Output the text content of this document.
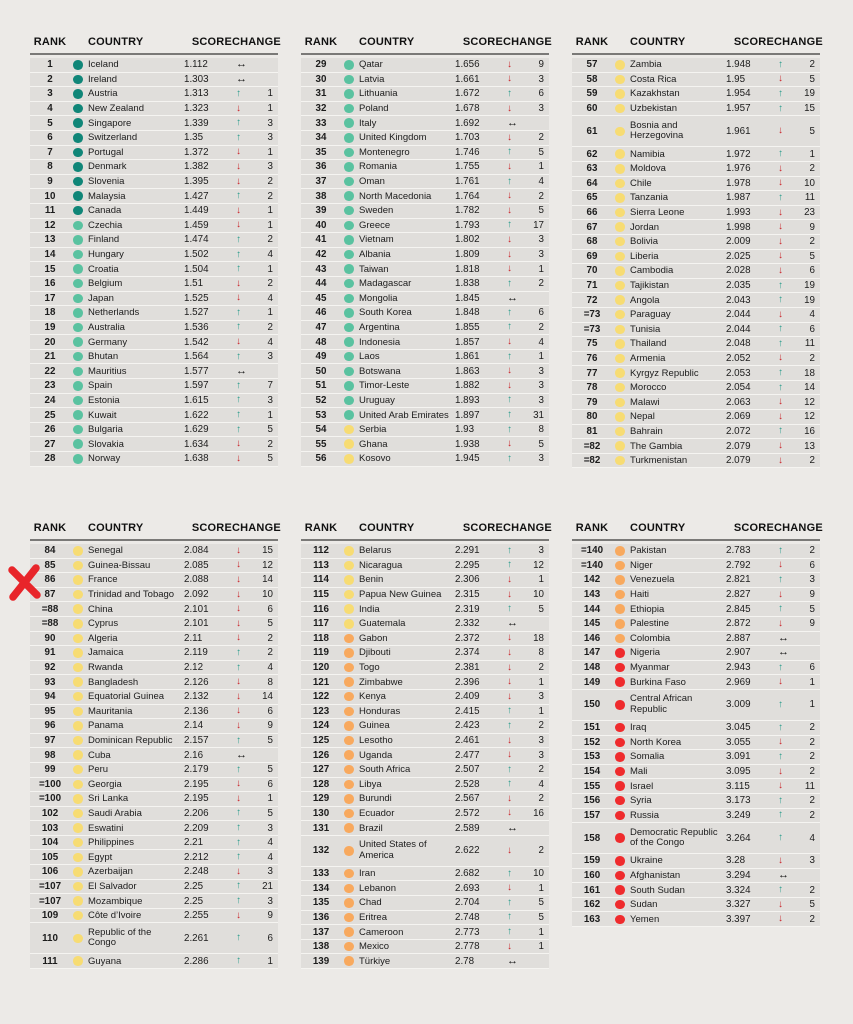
RANK	COUNTRY	SCORE CHANGE
1	Iceland	1.112	↔
2	Ireland	1.303	↔
3	Austria	1.313	↑	1
4	New Zealand	1.323	↓	1
5	Singapore	1.339	↑	3
6	Switzerland	1.35	↑	3
7	Portugal	1.372	↓	1
8	Denmark	1.382	↓	3
9	Slovenia	1.395	↓	2
10	Malaysia	1.427	↑	2
11	Canada	1.449	↓	1
12	Czechia	1.459	↓	1
13	Finland	1.474	↑	2
14	Hungary	1.502	↑	4
15	Croatia	1.504	↑	1
16	Belgium	1.51	↓	2
17	Japan	1.525	↓	4
18	Netherlands	1.527	↑	1
19	Australia	1.536	↑	2
20	Germany	1.542	↓	4
21	Bhutan	1.564	↑	3
22	Mauritius	1.577	↔
23	Spain	1.597	↑	7
24	Estonia	1.615	↑	3
25	Kuwait	1.622	↑	1
26	Bulgaria	1.629	↑	5
27	Slovakia	1.634	↓	2
28	Norway	1.638	↓	5
RANK	COUNTRY	SCORE CHANGE
29	Qatar	1.656	↓	9
30	Latvia	1.661	↓	3
31	Lithuania	1.672	↑	6
32	Poland	1.678	↓	3
33	Italy	1.692	↔
34	United Kingdom	1.703	↓	2
35	Montenegro	1.746	↑	5
36	Romania	1.755	↓	1
37	Oman	1.761	↑	4
38	North Macedonia	1.764	↓	2
39	Sweden	1.782	↓	5
40	Greece	1.793	↑ 17
41	Vietnam	1.802	↓	3
42	Albania	1.809	↓	3
43	Taiwan	1.818	↓	1
44	Madagascar	1.838	↑	2
45	Mongolia	1.845	↔
46	South Korea	1.848	↑	6
47	Argentina	1.855	↑	2
48	Indonesia	1.857	↓	4
49	Laos	1.861	↑	1
50	Botswana	1.863	↓	3
51	Timor-Leste	1.882	↓	3
52	Uruguay	1.893	↑	3
53	United Arab Emirates 1.897	↑ 31
54	Serbia	1.93	↑	8
55	Ghana	1.938	↓	5
56	Kosovo	1.945	↑	3
RANK	COUNTRY	SCORE CHANGE
57	Zambia	1.948	↑	2
58	Costa Rica	1.95	↓	5
59	Kazakhstan	1.954	↑ 19
60	Uzbekistan	1.957	↑ 15
61
Bosnia and Herzegovina	1.961	↓	5
62	Namibia	1.972	↑	1
63	Moldova	1.976	↓	2
64	Chile	1.978	↓ 10
65	Tanzania	1.987	↑ 11
66	Sierra Leone	1.993	↓ 23
67	Jordan	1.998	↓	9
68	Bolivia	2.009	↓	2
69	Liberia	2.025	↓	5
70	Cambodia	2.028	↓	6
71	Tajikistan	2.035	↑ 19
72	Angola	2.043	↑ 19
=73	Paraguay	2.044	↓	4
=73	Tunisia	2.044	↑	6
75	Thailand	2.048	↑ 11
76	Armenia	2.052	↓	2
77	Kyrgyz Republic	2.053	↑ 18
78	Morocco	2.054	↑ 14
79	Malawi	2.063	↓ 12
80	Nepal	2.069	↓ 12
81	Bahrain	2.072	↑ 16
=82	The Gambia	2.079	↓ 13
=82	Turkmenistan	2.079	↓	2
RANK	COUNTRY	SCORE CHANGE
84	Senegal	2.084	↓ 15
85	Guinea-Bissau	2.085	↓ 12
86	France	2.088	↓ 14
87	Trinidad and Tobago	2.092	↓ 10
=88	China	2.101	↓	6
=88	Cyprus	2.101	↓	5
90	Algeria	2.11	↓	2
91	Jamaica	2.119	↑	2
92	Rwanda	2.12	↑	4
93	Bangladesh	2.126	↓	8
94	Equatorial Guinea	2.132	↓ 14
95	Mauritania	2.136	↓	6
96	Panama	2.14	↓	9
97	Dominican Republic	2.157	↑	5
98	Cuba	2.16	↔
99	Peru	2.179	↑	5
=100	Georgia	2.195	↓	6
=100	Sri Lanka	2.195	↓	1
102	Saudi Arabia	2.206	↑	5
103	Eswatini	2.209	↑	3
104	Philippines	2.21	↑	4
105	Egypt	2.212	↑	4
106	Azerbaijan	2.248	↓	3
=107	El Salvador	2.25	↑ 21
=107	Mozambique	2.25	↑	3
109	Côte d’Ivoire	2.255	↓	9
110
Republic of the Congo	2.261	↑	6
111	Guyana	2.286	↑	1
RANK	COUNTRY	SCORE CHANGE
112	Belarus	2.291	↑	3
113	Nicaragua	2.295	↑ 12
114	Benin	2.306	↓	1
115	Papua New Guinea	2.315	↓ 10
116	India	2.319	↑	5
117	Guatemala	2.332	↔
118	Gabon	2.372	↓ 18
119	Djibouti	2.374	↓	8
120	Togo	2.381	↓	2
121	Zimbabwe	2.396	↓	1
122	Kenya	2.409	↓	3
123	Honduras	2.415	↑	1
124	Guinea	2.423	↑	2
125	Lesotho	2.461	↓	3
126	Uganda	2.477	↓	3
127	South Africa	2.507	↑	2
128	Libya	2.528	↑	4
129	Burundi	2.567	↓	2
130	Ecuador	2.572	↓ 16
131	Brazil	2.589	↔
132
United States of America	2.622	↓	2
133	Iran	2.682	↑ 10
134	Lebanon	2.693	↓	1
135	Chad	2.704	↑	5
136	Eritrea	2.748	↑	5
137	Cameroon	2.773	↑	1
138	Mexico	2.778	↓	1
139	Türkiye	2.78	↔
RANK	COUNTRY	SCORE CHANGE
=140	Pakistan	2.783	↑	2
=140	Niger	2.792	↓	6
142	Venezuela	2.821	↑	3
143	Haiti	2.827	↓	9
144	Ethiopia	2.845	↑	5
145	Palestine	2.872	↓	9
146	Colombia	2.887	↔
147	Nigeria	2.907	↔
148	Myanmar	2.943	↑	6
149	Burkina Faso	2.969	↓	1
150
Central African Republic	3.009	↑	1
151	Iraq	3.045	↑	2
152	North Korea	3.055	↓	2
153	Somalia	3.091	↑	2
154	Mali	3.095	↓	2
155	Israel	3.115	↓ 11
156	Syria	3.173	↑	2
157	Russia	3.249	↑	2
158
Democratic Republic of the Congo	3.264	↑	4
159	Ukraine	3.28	↓	3
160	Afghanistan	3.294	↔
161	South Sudan	3.324	↑	2
162	Sudan	3.327	↓	5
163	Yemen	3.397	↓	2
